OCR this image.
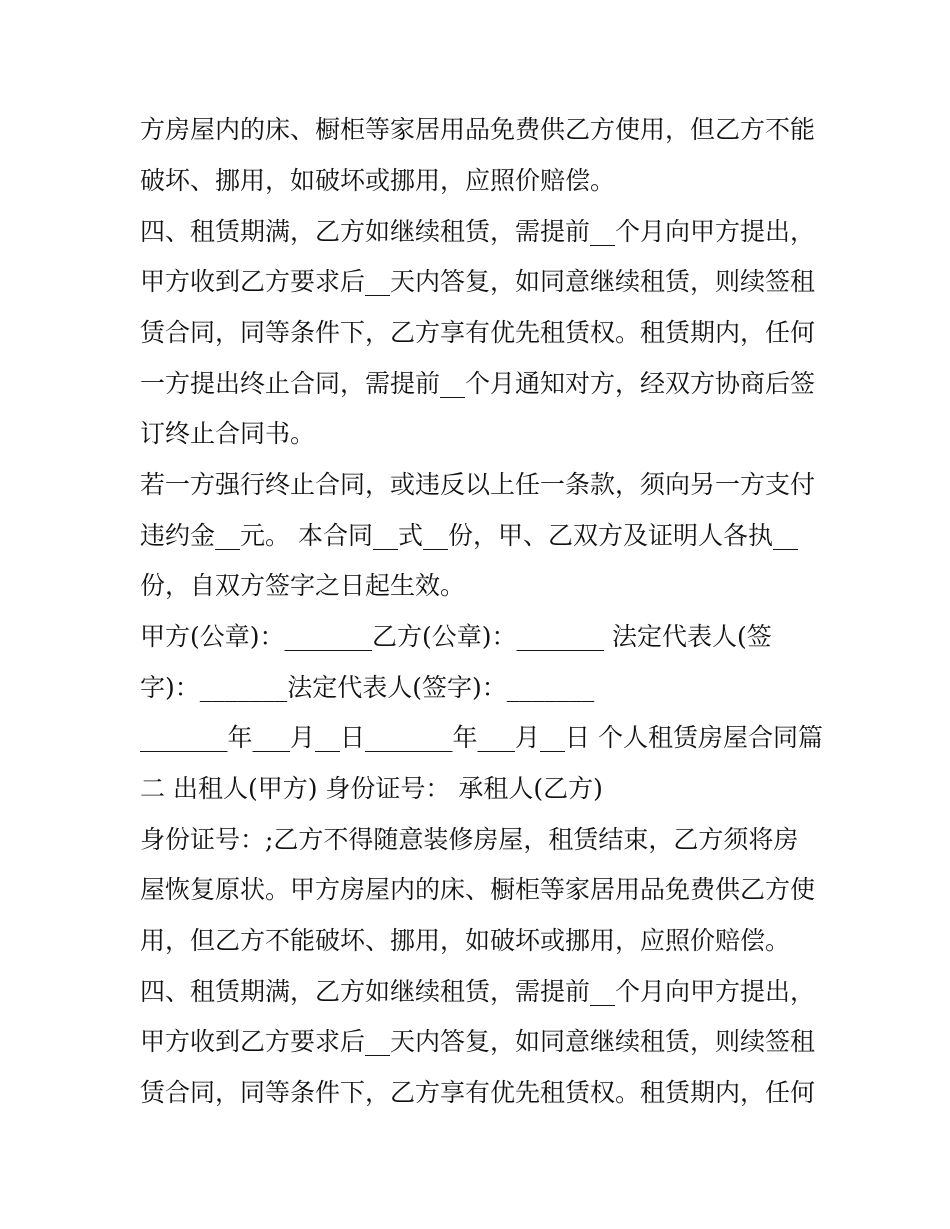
方房屋内的床、橱柜等家居用品免费供乙方使用，但乙方不能
破坏、挪用，如破坏或挪用，应照价赔偿。
四、租赁期满，乙方如继续租赁，需提前__个月向甲方提出，
甲方收到乙方要求后__天内答复，如同意继续租赁，则续签租
赁合同，同等条件下，乙方享有优先租赁权。租赁期内，任何
一方提出终止合同，需提前__个月通知对方，经双方协商后签
订终止合同书。
若一方强行终止合同，或违反以上任一条款，须向另一方支付
违约金__元。 本合同__式__份，甲、乙双方及证明人各执__
份，自双方签字之日起生效。
甲方(公章)：_______乙方(公章)：_______ 法定代表人(签
字)：_______法定代表人(签字)：_______
_______年___月__日_______年___月__日 个人租赁房屋合同篇
二 出租人(甲方) 身份证号： 承租人(乙方)
身份证号：;乙方不得随意装修房屋，租赁结束，乙方须将房
屋恢复原状。甲方房屋内的床、橱柜等家居用品免费供乙方使
用，但乙方不能破坏、挪用，如破坏或挪用，应照价赔偿。
四、租赁期满，乙方如继续租赁，需提前__个月向甲方提出，
甲方收到乙方要求后__天内答复，如同意继续租赁，则续签租
赁合同，同等条件下，乙方享有优先租赁权。租赁期内，任何
